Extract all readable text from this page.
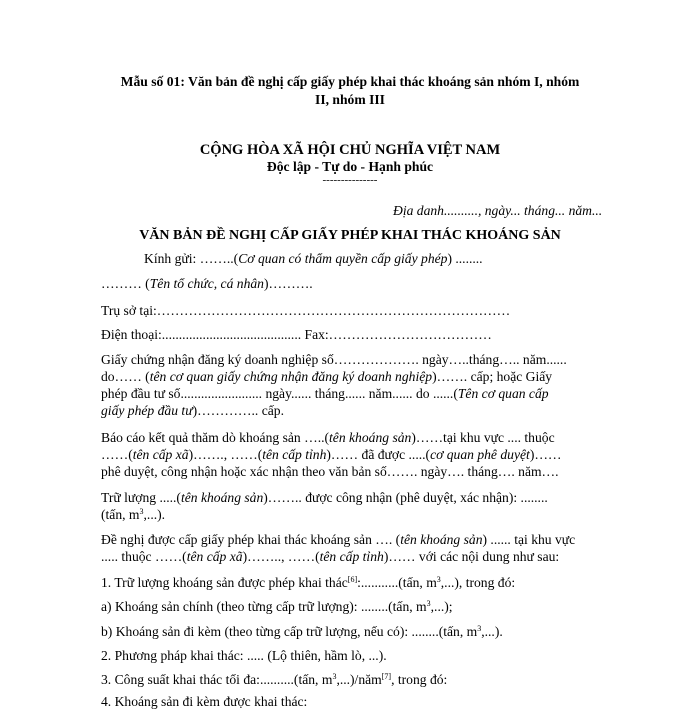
Mẫu số 01: Văn bản đề nghị cấp giấy phép khai thác khoáng sản nhóm I, nhóm
II, nhóm III
CỘNG HÒA XÃ HỘI CHỦ NGHĨA VIỆT NAM
Độc lập - Tự do - Hạnh phúc
---------------
Địa danh.........., ngày... tháng... năm...
VĂN BẢN ĐỀ NGHỊ CẤP GIẤY PHÉP KHAI THÁC KHOÁNG SẢN
Kính gửi: ……..(Cơ quan có thẩm quyền cấp giấy phép) ........
……… (Tên tổ chức, cá nhân)……….
Trụ sở tại:……………………………………………………………………
Điện thoại:......................................... Fax:………………………………
Giấy chứng nhận đăng ký doanh nghiệp số………………. ngày…..tháng….. năm......
do…… (tên cơ quan giấy chứng nhận đăng ký doanh nghiệp)……. cấp; hoặc Giấy
phép đầu tư số........................ ngày...... tháng...... năm...... do ......(Tên cơ quan cấp
giấy phép đầu tư)………….. cấp.
Báo cáo kết quả thăm dò khoáng sản …..(tên khoáng sản)……tại khu vực .... thuộc
……(tên cấp xã)……., ……(tên cấp tỉnh)…… đã được .....(cơ quan phê duyệt)……
phê duyệt, công nhận hoặc xác nhận theo văn bản số……. ngày…. tháng…. năm….
Trữ lượng .....(tên khoáng sản)…….. được công nhận (phê duyệt, xác nhận): ........
(tấn, $m^3$,...).
Đề nghị được cấp giấy phép khai thác khoáng sản …. (tên khoáng sản) ...... tại khu vực
..... thuộc ……(tên cấp xã)…….., ……(tên cấp tỉnh)…… với các nội dung như sau:
1. Trữ lượng khoáng sản được phép khai thác[6]:...........(tấn, $m^3$,...), trong đó:
a) Khoáng sản chính (theo từng cấp trữ lượng): ........(tấn, $m^3$,...);
b) Khoáng sản đi kèm (theo từng cấp trữ lượng, nếu có): ........(tấn, $m^3$,...).
2. Phương pháp khai thác: ..... (Lộ thiên, hầm lò, ...).
3. Công suất khai thác tối đa:..........(tấn, $m^3,...)/năm[7]$, trong đó:
4. Khoáng sản đi kèm được khai thác:
